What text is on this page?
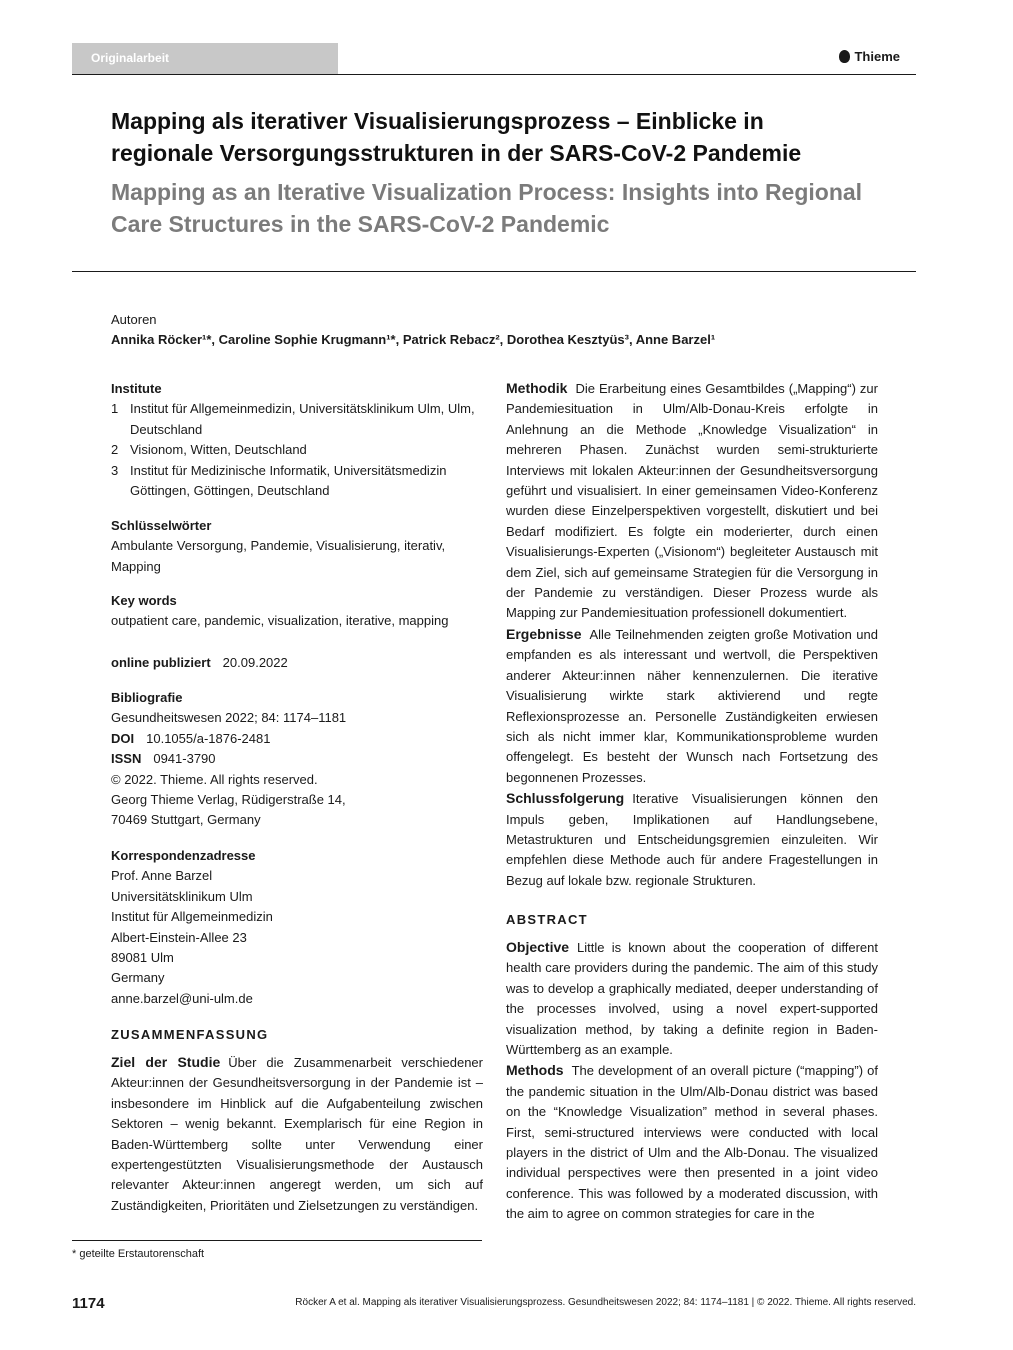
Originalarbeit	Thieme
Mapping als iterativer Visualisierungsprozess – Einblicke in regionale Versorgungsstrukturen in der SARS-CoV-2 Pandemie
Mapping as an Iterative Visualization Process: Insights into Regional Care Structures in the SARS-CoV-2 Pandemic
Autoren
Annika Röcker¹*, Caroline Sophie Krugmann¹*, Patrick Rebacz², Dorothea Kesztyüs³, Anne Barzel¹
Institute
1 Institut für Allgemeinmedizin, Universitätsklinikum Ulm, Ulm, Deutschland
2 Visionom, Witten, Deutschland
3 Institut für Medizinische Informatik, Universitätsmedizin Göttingen, Göttingen, Deutschland
Schlüsselwörter
Ambulante Versorgung, Pandemie, Visualisierung, iterativ, Mapping
Key words
outpatient care, pandemic, visualization, iterative, mapping
online publiziert 20.09.2022
Bibliografie
Gesundheitswesen 2022; 84: 1174–1181
DOI 10.1055/a-1876-2481
ISSN 0941-3790
© 2022. Thieme. All rights reserved.
Georg Thieme Verlag, Rüdigerstraße 14,
70469 Stuttgart, Germany
Korrespondenzadresse
Prof. Anne Barzel
Universitätsklinikum Ulm
Institut für Allgemeinmedizin
Albert-Einstein-Allee 23
89081 Ulm
Germany
anne.barzel@uni-ulm.de
ZUSAMMENFASSUNG
Ziel der Studie Über die Zusammenarbeit verschiedener Akteur:innen der Gesundheitsversorgung in der Pandemie ist – insbesondere im Hinblick auf die Aufgabenteilung zwischen Sektoren – wenig bekannt. Exemplarisch für eine Region in Baden-Württemberg sollte unter Verwendung einer expertengestützten Visualisierungsmethode der Austausch relevanter Akteur:innen angeregt werden, um sich auf Zuständigkeiten, Prioritäten und Zielsetzungen zu verständigen.
Methodik Die Erarbeitung eines Gesamtbildes („Mapping“) zur Pandemiesituation in Ulm/Alb-Donau-Kreis erfolgte in Anlehnung an die Methode „Knowledge Visualization“ in mehreren Phasen. Zunächst wurden semi-strukturierte Interviews mit lokalen Akteur:innen der Gesundheitsversorgung geführt und visualisiert. In einer gemeinsamen Video-Konferenz wurden diese Einzelperspektiven vorgestellt, diskutiert und bei Bedarf modifiziert. Es folgte ein moderierter, durch einen Visualisierungs-Experten („Visionom“) begleiteter Austausch mit dem Ziel, sich auf gemeinsame Strategien für die Versorgung in der Pandemie zu verständigen. Dieser Prozess wurde als Mapping zur Pandemiesituation professionell dokumentiert.
Ergebnisse Alle Teilnehmenden zeigten große Motivation und empfanden es als interessant und wertvoll, die Perspektiven anderer Akteur:innen näher kennenzulernen. Die iterative Visualisierung wirkte stark aktivierend und regte Reflexionsprozesse an. Personelle Zuständigkeiten erwiesen sich als nicht immer klar, Kommunikationsprobleme wurden offengelegt. Es besteht der Wunsch nach Fortsetzung des begonnenen Prozesses.
Schlussfolgerung Iterative Visualisierungen können den Impuls geben, Implikationen auf Handlungsebene, Metastrukturen und Entscheidungsgremien einzuleiten. Wir empfehlen diese Methode auch für andere Fragestellungen in Bezug auf lokale bzw. regionale Strukturen.
ABSTRACT
Objective Little is known about the cooperation of different health care providers during the pandemic. The aim of this study was to develop a graphically mediated, deeper understanding of the processes involved, using a novel expert-supported visualization method, by taking a definite region in Baden-Württemberg as an example.
Methods The development of an overall picture (“mapping”) of the pandemic situation in the Ulm/Alb-Donau district was based on the “Knowledge Visualization” method in several phases. First, semi-structured interviews were conducted with local players in the district of Ulm and the Alb-Donau. The visualized individual perspectives were then presented in a joint video conference. This was followed by a moderated discussion, with the aim to agree on common strategies for care in the
* geteilte Erstautorenschaft
1174	Röcker A et al. Mapping als iterativer Visualisierungsprozess. Gesundheitswesen 2022; 84: 1174–1181 | © 2022. Thieme. All rights reserved.
